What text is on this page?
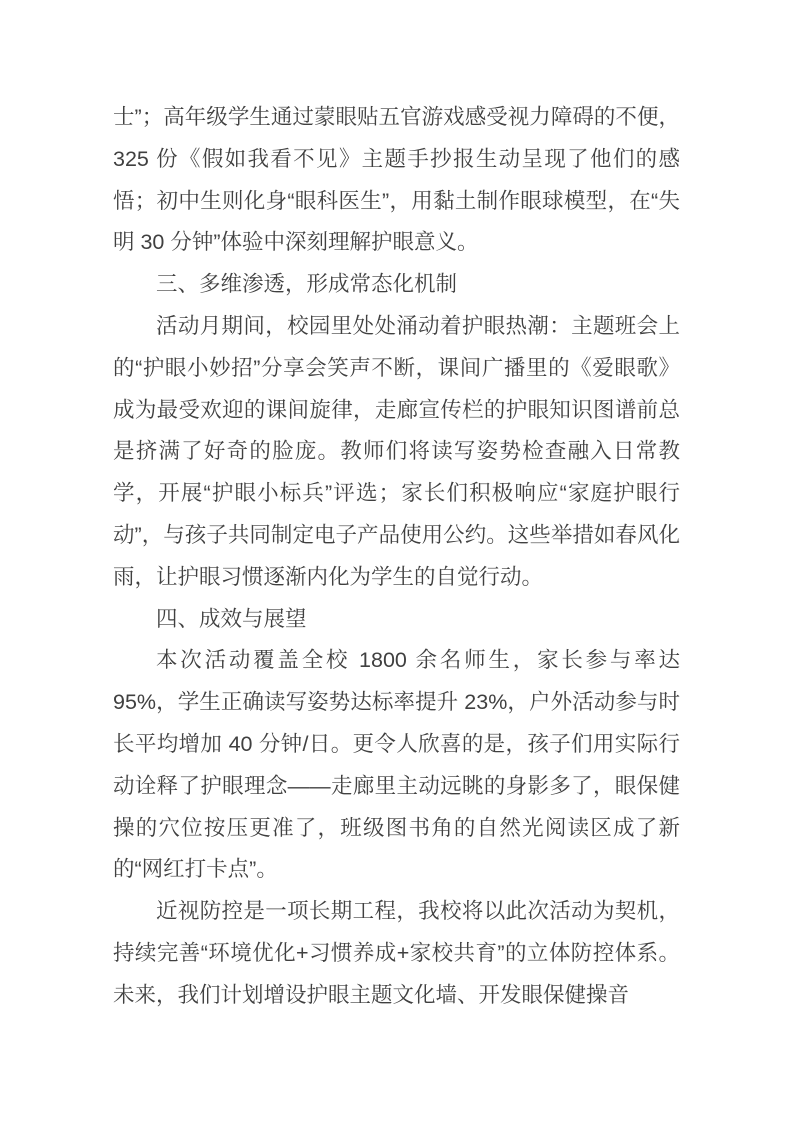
士”；高年级学生通过蒙眼贴五官游戏感受视力障碍的不便，325 份《假如我看不见》主题手抄报生动呈现了他们的感悟；初中生则化身“眼科医生”，用黏土制作眼球模型，在“失明 30 分钟”体验中深刻理解护眼意义。

三、多维渗透，形成常态化机制

活动月期间，校园里处处涌动着护眼热潮：主题班会上的“护眼小妙招”分享会笑声不断，课间广播里的《爱眼歌》成为最受欢迎的课间旋律，走廊宣传栏的护眼知识图谱前总是挤满了好奇的脸庞。教师们将读写姿势检查融入日常教学，开展“护眼小标兵”评选；家长们积极响应“家庭护眼行动”，与孩子共同制定电子产品使用公约。这些举措如春风化雨，让护眼习惯逐渐内化为学生的自觉行动。

四、成效与展望

本次活动覆盖全校 1800 余名师生，家长参与率达 95%，学生正确读写姿势达标率提升 23%，户外活动参与时长平均增加 40 分钟/日。更令人欣喜的是，孩子们用实际行动诠释了护眼理念——走廊里主动远眺的身影多了，眼保健操的穴位按压更准了，班级图书角的自然光阅读区成了新的“网红打卡点”。

近视防控是一项长期工程，我校将以此次活动为契机，持续完善“环境优化+习惯养成+家校共育”的立体防控体系。未来，我们计划增设护眼主题文化墙、开发眼保健操音
